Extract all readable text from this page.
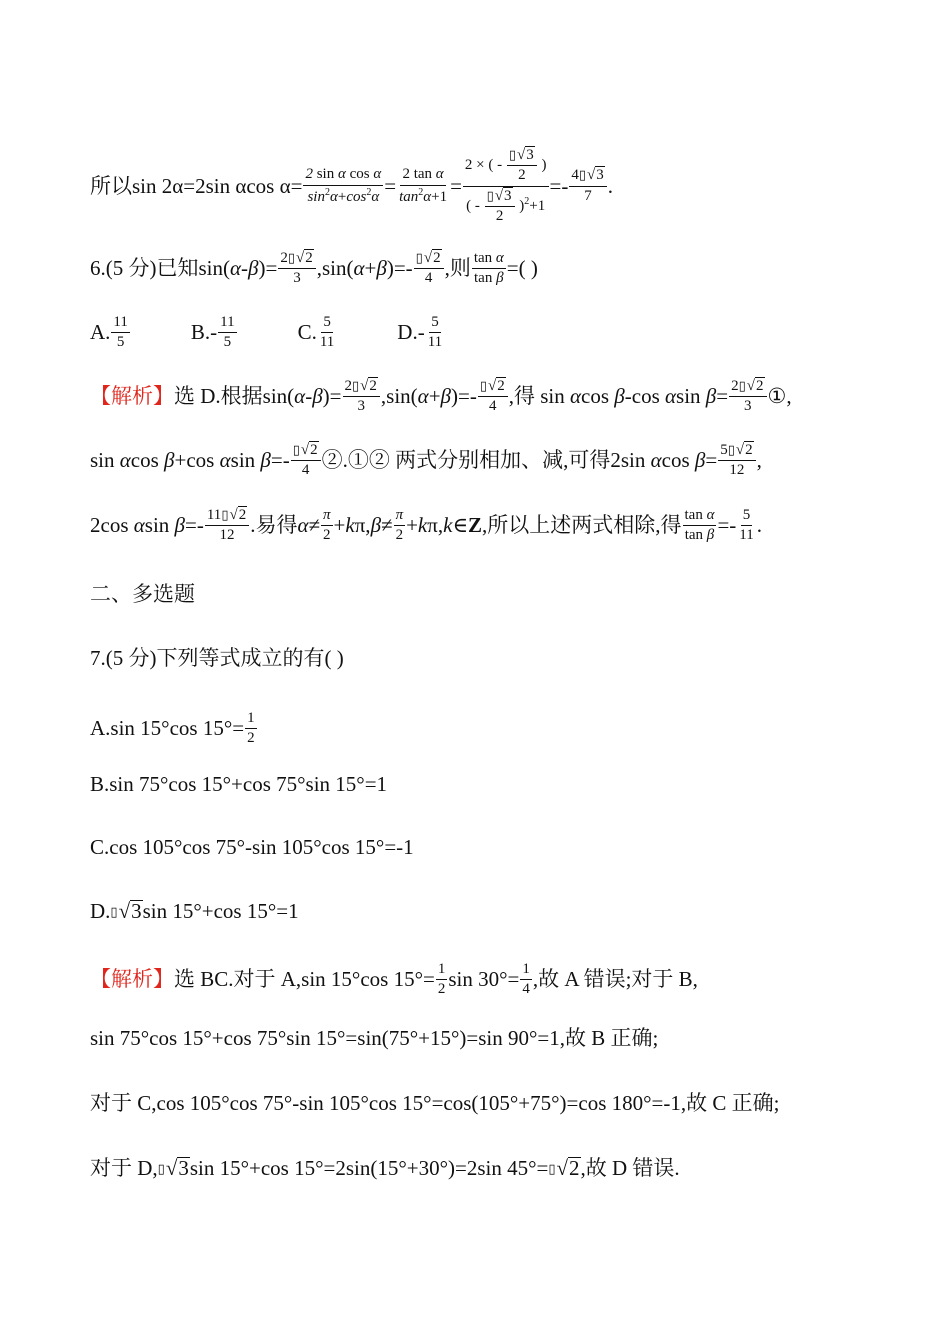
所以 sin 2α=2sin αcos $\alpha= \frac{\text{2 sin α cos α}}{\sin^2\alpha+\cos^2\alpha} = \frac{\text{2 tan α}}{\tan^2\alpha+1} = \frac{2 \times ( - \frac{▯√3}{2} )}{( - \frac{▯√3}{2} )^2+1} =- \frac{4▯√3}{7}$ .
6.(5 分)已知 $\sin(\alpha-\beta)= \frac{2▯√2}{3} ,\sin(\alpha+\beta)=- \frac{▯√2}{4}$ ,则 $\frac{\text{tan α}}{\text{tan β}}$ =( )
A. $\frac{11}{5}$	$B.- \frac{11}{5}$	C. $\frac{5}{11}$	$D.- \frac{5}{11}$
【解析】 选 D.根据 $\sin(\alpha-\beta)= \frac{2▯√2}{3} ,\sin(\alpha+\beta)=- \frac{▯√2}{4}$ ,得 sin αcos β-cos αsin $\beta= \frac{2▯√2}{3}$ ①,
sin αcos β+cos αsin $\beta=- \frac{▯√2}{4}$ ②.①② 两式分别相加、减,可得 2sin αcos $\beta= \frac{5▯√2}{12}$ ,
2cos αsin $\beta=- \frac{11▯√2}{12}$ .易得 $\alpha \ne \frac{\pi}{2} +k\pi,\beta\ne \frac{\pi}{2}$ +kπ,k∈Z, 所以上述两式相除,得 $\frac{\text{tan α}}{\text{tan β}} =- \frac{5}{11}$ .
二、多选题
7.(5 分)下列等式成立的有( )
A.sin 15°cos $15^\circ= \frac{1}{2}$
B.sin 75°cos 15°+cos 75°sin 15°=1
C.cos 105°cos 75°-sin 105°cos 15°=-1
D. ▯ √ 3 sin 15°+cos 15°=1
【解析】 选 BC.对于 A,sin 15°cos $15^\circ= \frac{1}{2}$ $\sin 30^\circ= \frac{1}{4}$ ,故 A 错误;对于 B,
sin 75°cos 15°+cos 75°sin 15°=sin(75°+15°)=sin 90°=1,故 B 正确;
对于 C,cos 105°cos 75°-sin 105°cos 15°=cos(105°+75°)=cos 180°=-1,故 C 正确;
对于 D, ▯ √ 3 sin 15°+cos 15°=2sin(15°+30°)=2sin 45°= ▯ √ 2 ,故 D 错误.
